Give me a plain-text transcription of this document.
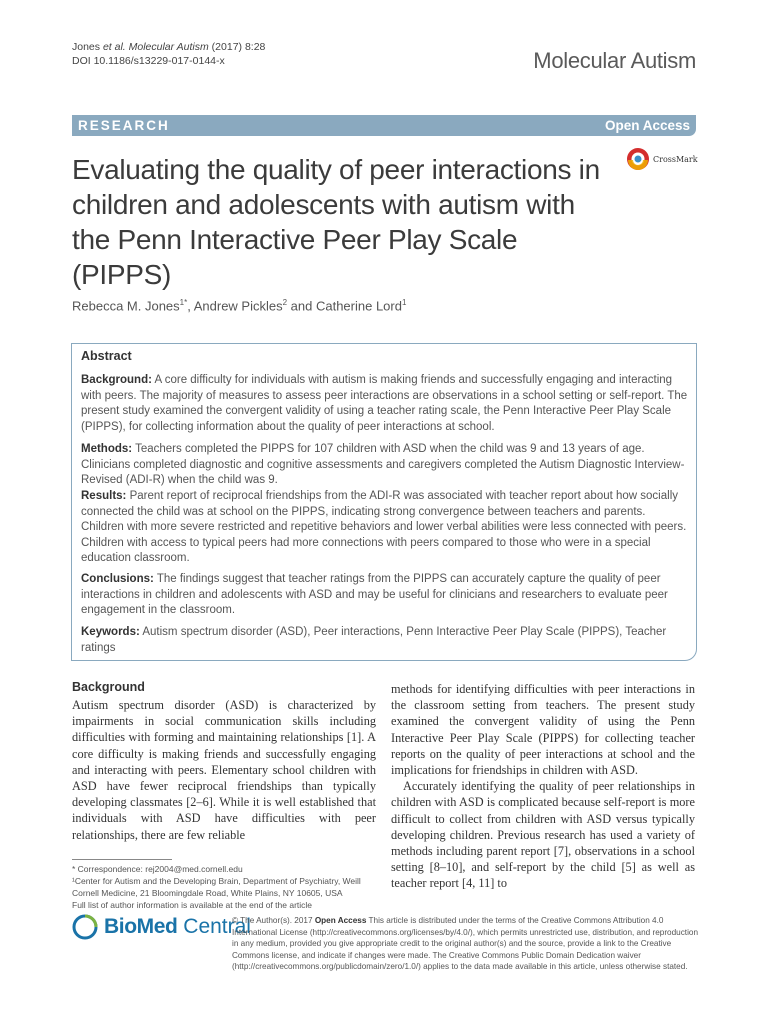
Jones et al. Molecular Autism (2017) 8:28
DOI 10.1186/s13229-017-0144-x	Molecular Autism
RESEARCH	Open Access
Evaluating the quality of peer interactions in children and adolescents with autism with the Penn Interactive Peer Play Scale (PIPPS)
CrossMark
Rebecca M. Jones$^{1*}$, Andrew Pickles$^2$ and Catherine Lord$^1$
Abstract
Background: A core difficulty for individuals with autism is making friends and successfully engaging and interacting with peers. The majority of measures to assess peer interactions are observations in a school setting or self-report. The present study examined the convergent validity of using a teacher rating scale, the Penn Interactive Peer Play Scale (PIPPS), for collecting information about the quality of peer interactions at school.
Methods: Teachers completed the PIPPS for 107 children with ASD when the child was 9 and 13 years of age. Clinicians completed diagnostic and cognitive assessments and caregivers completed the Autism Diagnostic Interview-Revised (ADI-R) when the child was 9.
Results: Parent report of reciprocal friendships from the ADI-R was associated with teacher report about how socially connected the child was at school on the PIPPS, indicating strong convergence between teachers and parents. Children with more severe restricted and repetitive behaviors and lower verbal abilities were less connected with peers. Children with access to typical peers had more connections with peers compared to those who were in a special education classroom.
Conclusions: The findings suggest that teacher ratings from the PIPPS can accurately capture the quality of peer interactions in children and adolescents with ASD and may be useful for clinicians and researchers to evaluate peer engagement in the classroom.
Keywords: Autism spectrum disorder (ASD), Peer interactions, Penn Interactive Peer Play Scale (PIPPS), Teacher ratings
Background
Autism spectrum disorder (ASD) is characterized by impairments in social communication skills including difficulties with forming and maintaining relationships [1]. A core difficulty is making friends and successfully engaging and interacting with peers. Elementary school children with ASD have fewer reciprocal friendships than typically developing classmates [2–6]. While it is well established that individuals with ASD have difficulties with peer relationships, there are few reliable
methods for identifying difficulties with peer interactions in the classroom setting from teachers. The present study examined the convergent validity of using the Penn Interactive Peer Play Scale (PIPPS) for collecting teacher reports on the quality of peer interactions at school and the implications for friendships in children with ASD.
Accurately identifying the quality of peer relationships in children with ASD is complicated because self-report is more difficult to collect from children with ASD versus typically developing children. Previous research has used a variety of methods including parent report [7], observations in a school setting [8–10], and self-report by the child [5] as well as teacher report [4, 11] to
* Correspondence: rej2004@med.cornell.edu
¹Center for Autism and the Developing Brain, Department of Psychiatry, Weill Cornell Medicine, 21 Bloomingdale Road, White Plains, NY 10605, USA
Full list of author information is available at the end of the article
BioMed Central
© The Author(s). 2017 Open Access This article is distributed under the terms of the Creative Commons Attribution 4.0 International License (http://creativecommons.org/licenses/by/4.0/), which permits unrestricted use, distribution, and reproduction in any medium, provided you give appropriate credit to the original author(s) and the source, provide a link to the Creative Commons license, and indicate if changes were made. The Creative Commons Public Domain Dedication waiver (http://creativecommons.org/publicdomain/zero/1.0/) applies to the data made available in this article, unless otherwise stated.
